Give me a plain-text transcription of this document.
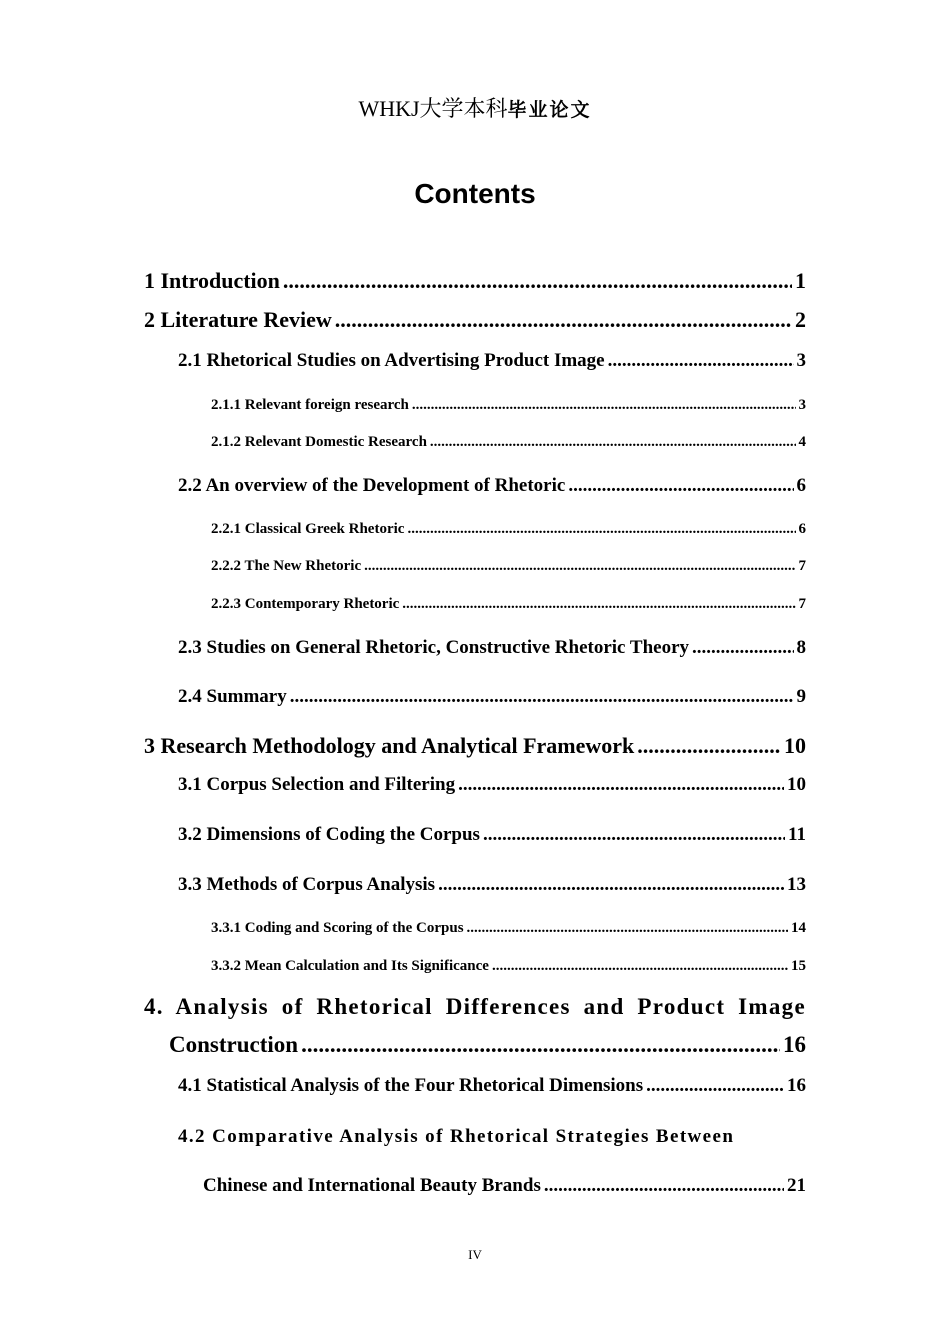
WHKJ大学本科毕业论文
Contents
1 Introduction .....	1
2 Literature Review .....	2
2.1 Rhetorical Studies on Advertising Product Image .....	3
2.1.1 Relevant foreign research .....	3
2.1.2 Relevant Domestic Research .....	4
2.2 An overview of the Development of Rhetoric .....	6
2.2.1 Classical Greek Rhetoric .....	6
2.2.2 The New Rhetoric .....	7
2.2.3 Contemporary Rhetoric .....	7
2.3 Studies on General Rhetoric, Constructive Rhetoric Theory .....	8
2.4 Summary .....	9
3 Research Methodology and Analytical Framework .....	10
3.1 Corpus Selection and Filtering .....	10
3.2 Dimensions of Coding the Corpus .....	11
3.3 Methods of Corpus Analysis .....	13
3.3.1 Coding and Scoring of the Corpus .....	14
3.3.2 Mean Calculation and Its Significance .....	15
4. Analysis of Rhetorical Differences and Product Image
Construction .....	16
4.1 Statistical Analysis of the Four Rhetorical Dimensions .....	16
4.2 Comparative Analysis of Rhetorical Strategies Between
Chinese and International Beauty Brands .....	21
IV
